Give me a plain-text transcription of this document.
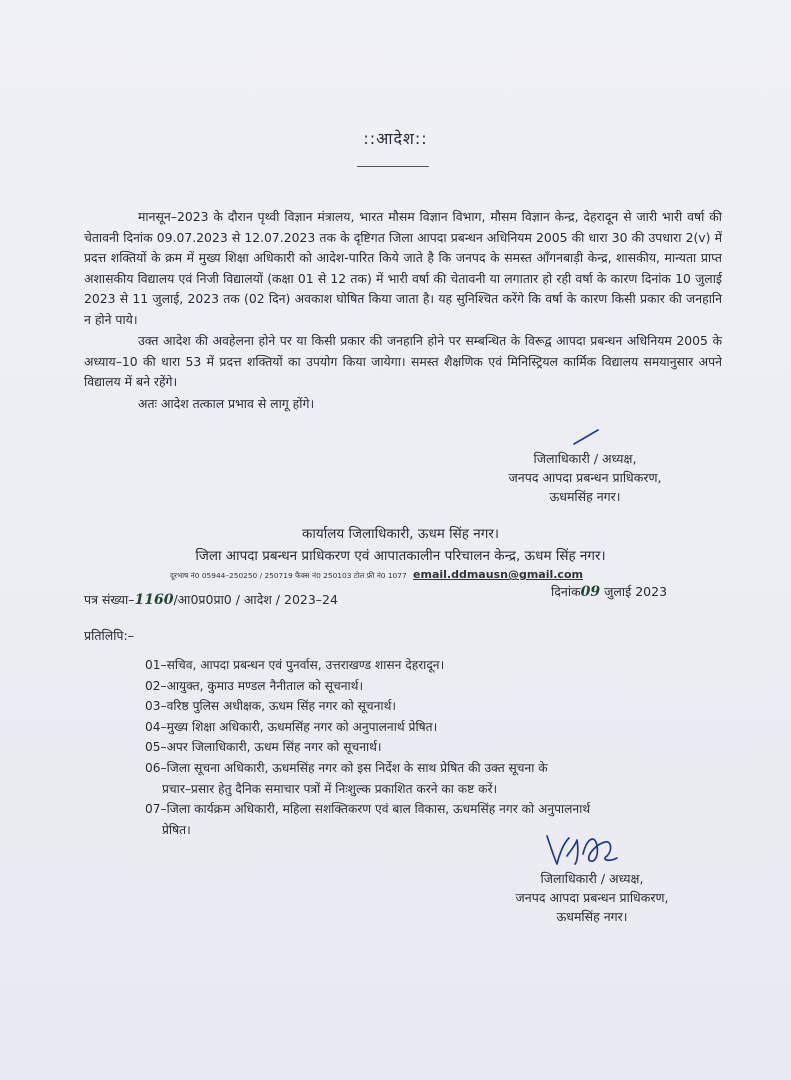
::आदेश::

मानसून–2023 के दौरान पृथ्वी विज्ञान मंत्रालय, भारत मौसम विज्ञान विभाग, मौसम विज्ञान केन्द्र, देहरादून से जारी भारी वर्षा की चेतावनी दिनांक 09.07.2023 से 12.07.2023 तक के दृष्टिगत जिला आपदा प्रबन्धन अधिनियम 2005 की धारा 30 की उपधारा 2(v) में प्रदत्त शक्तियों के क्रम में मुख्य शिक्षा अधिकारी को आदेश-पारित किये जाते है कि जनपद के समस्त आँगनबाड़ी केन्द्र, शासकीय, मान्यता प्राप्त अशासकीय विद्यालय एवं निजी विद्यालयों (कक्षा 01 से 12 तक) में भारी वर्षा की चेतावनी या लगातार हो रही वर्षा के कारण दिनांक 10 जुलाई 2023 से 11 जुलाई, 2023 तक (02 दिन) अवकाश घोषित किया जाता है। यह सुनिश्चित करेंगे कि वर्षा के कारण किसी प्रकार की जनहानि न होने पाये।

उक्त आदेश की अवहेलना होने पर या किसी प्रकार की जनहानि होने पर सम्बन्धित के विरूद्व आपदा प्रबन्धन अधिनियम 2005 के अध्याय–10 की धारा 53 में प्रदत्त शक्तियों का उपयोग किया जायेगा। समस्त शैक्षणिक एवं मिनिस्ट्रियल कार्मिक विद्यालय समयानुसार अपने विद्यालय में बने रहेंगे।

अतः आदेश तत्काल प्रभाव से लागू होंगे।

जिलाधिकारी / अध्यक्ष,
जनपद आपदा प्रबन्धन प्राधिकरण,
ऊधमसिंह नगर।
कार्यालय जिलाधिकारी, ऊधम सिंह नगर।
जिला आपदा प्रबन्धन प्राधिकरण एवं आपातकालीन परिचालन केन्द्र, ऊधम सिंह नगर।
दूरभाष नं0 05944–250250 / 250719 फैक्स नं0 250103 टोल फ्री नं0 1077 email.ddmausn@gmail.com
पत्र संख्या–1160/आ0प्र0प्रा0 / आदेश / 2023–24
दिनांक09 जुलाई 2023
प्रतिलिपि:–
01–सचिव, आपदा प्रबन्धन एवं पुनर्वास, उत्तराखण्ड शासन देहरादून।
02–आयुक्त, कुमाउ मण्डल नैनीताल को सूचनार्थ।
03–वरिष्ठ पुलिस अधीक्षक, ऊधम सिंह नगर को सूचनार्थ।
04–मुख्य शिक्षा अधिकारी, ऊधमसिंह नगर को अनुपालनार्थ प्रेषित।
05–अपर जिलाधिकारी, ऊधम सिंह नगर को सूचनार्थ।
06–जिला सूचना अधिकारी, ऊधमसिंह नगर को इस निर्देश के साथ प्रेषित की उक्त सूचना के
प्रचार–प्रसार हेतु दैनिक समाचार पत्रों में निःशुल्क प्रकाशित करने का कष्ट करें।
07–जिला कार्यक्रम अधिकारी, महिला सशक्तिकरण एवं बाल विकास, ऊधमसिंह नगर को अनुपालनार्थ
प्रेषित।
जिलाधिकारी / अध्यक्ष,
जनपद आपदा प्रबन्धन प्राधिकरण,
ऊधमसिंह नगर।
